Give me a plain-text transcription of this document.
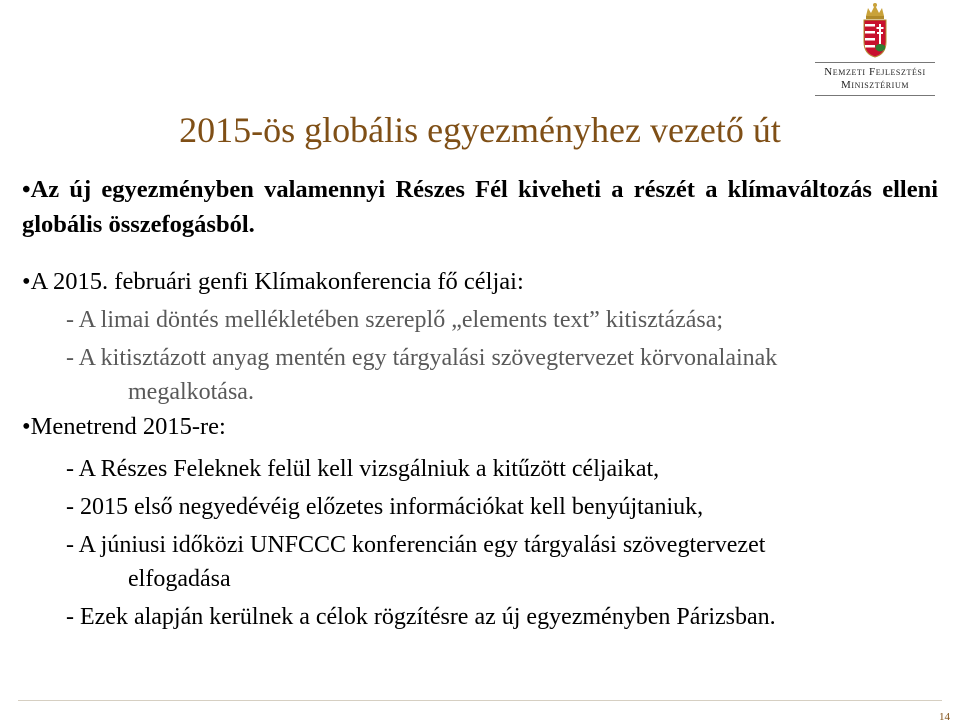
Nemzeti Fejlesztési
Minisztérium
2015-ös globális egyezményhez vezető út

•Az új egyezményben valamennyi Részes Fél kiveheti a részét a klímaváltozás elleni globális összefogásból.

•A 2015. februári genfi Klímakonferencia fő céljai:

- A limai döntés mellékletében szereplő „elements text” kitisztázása;

- A kitisztázott anyag mentén egy tárgyalási szövegtervezet körvonalainak
megalkotása.

•Menetrend 2015-re:

- A Részes Feleknek felül kell vizsgálniuk a kitűzött céljaikat,

- 2015 első negyedévéig előzetes információkat kell benyújtaniuk,

- A júniusi időközi UNFCCC konferencián egy tárgyalási szövegtervezet
elfogadása

- Ezek alapján kerülnek a célok rögzítésre az új egyezményben Párizsban.

14
